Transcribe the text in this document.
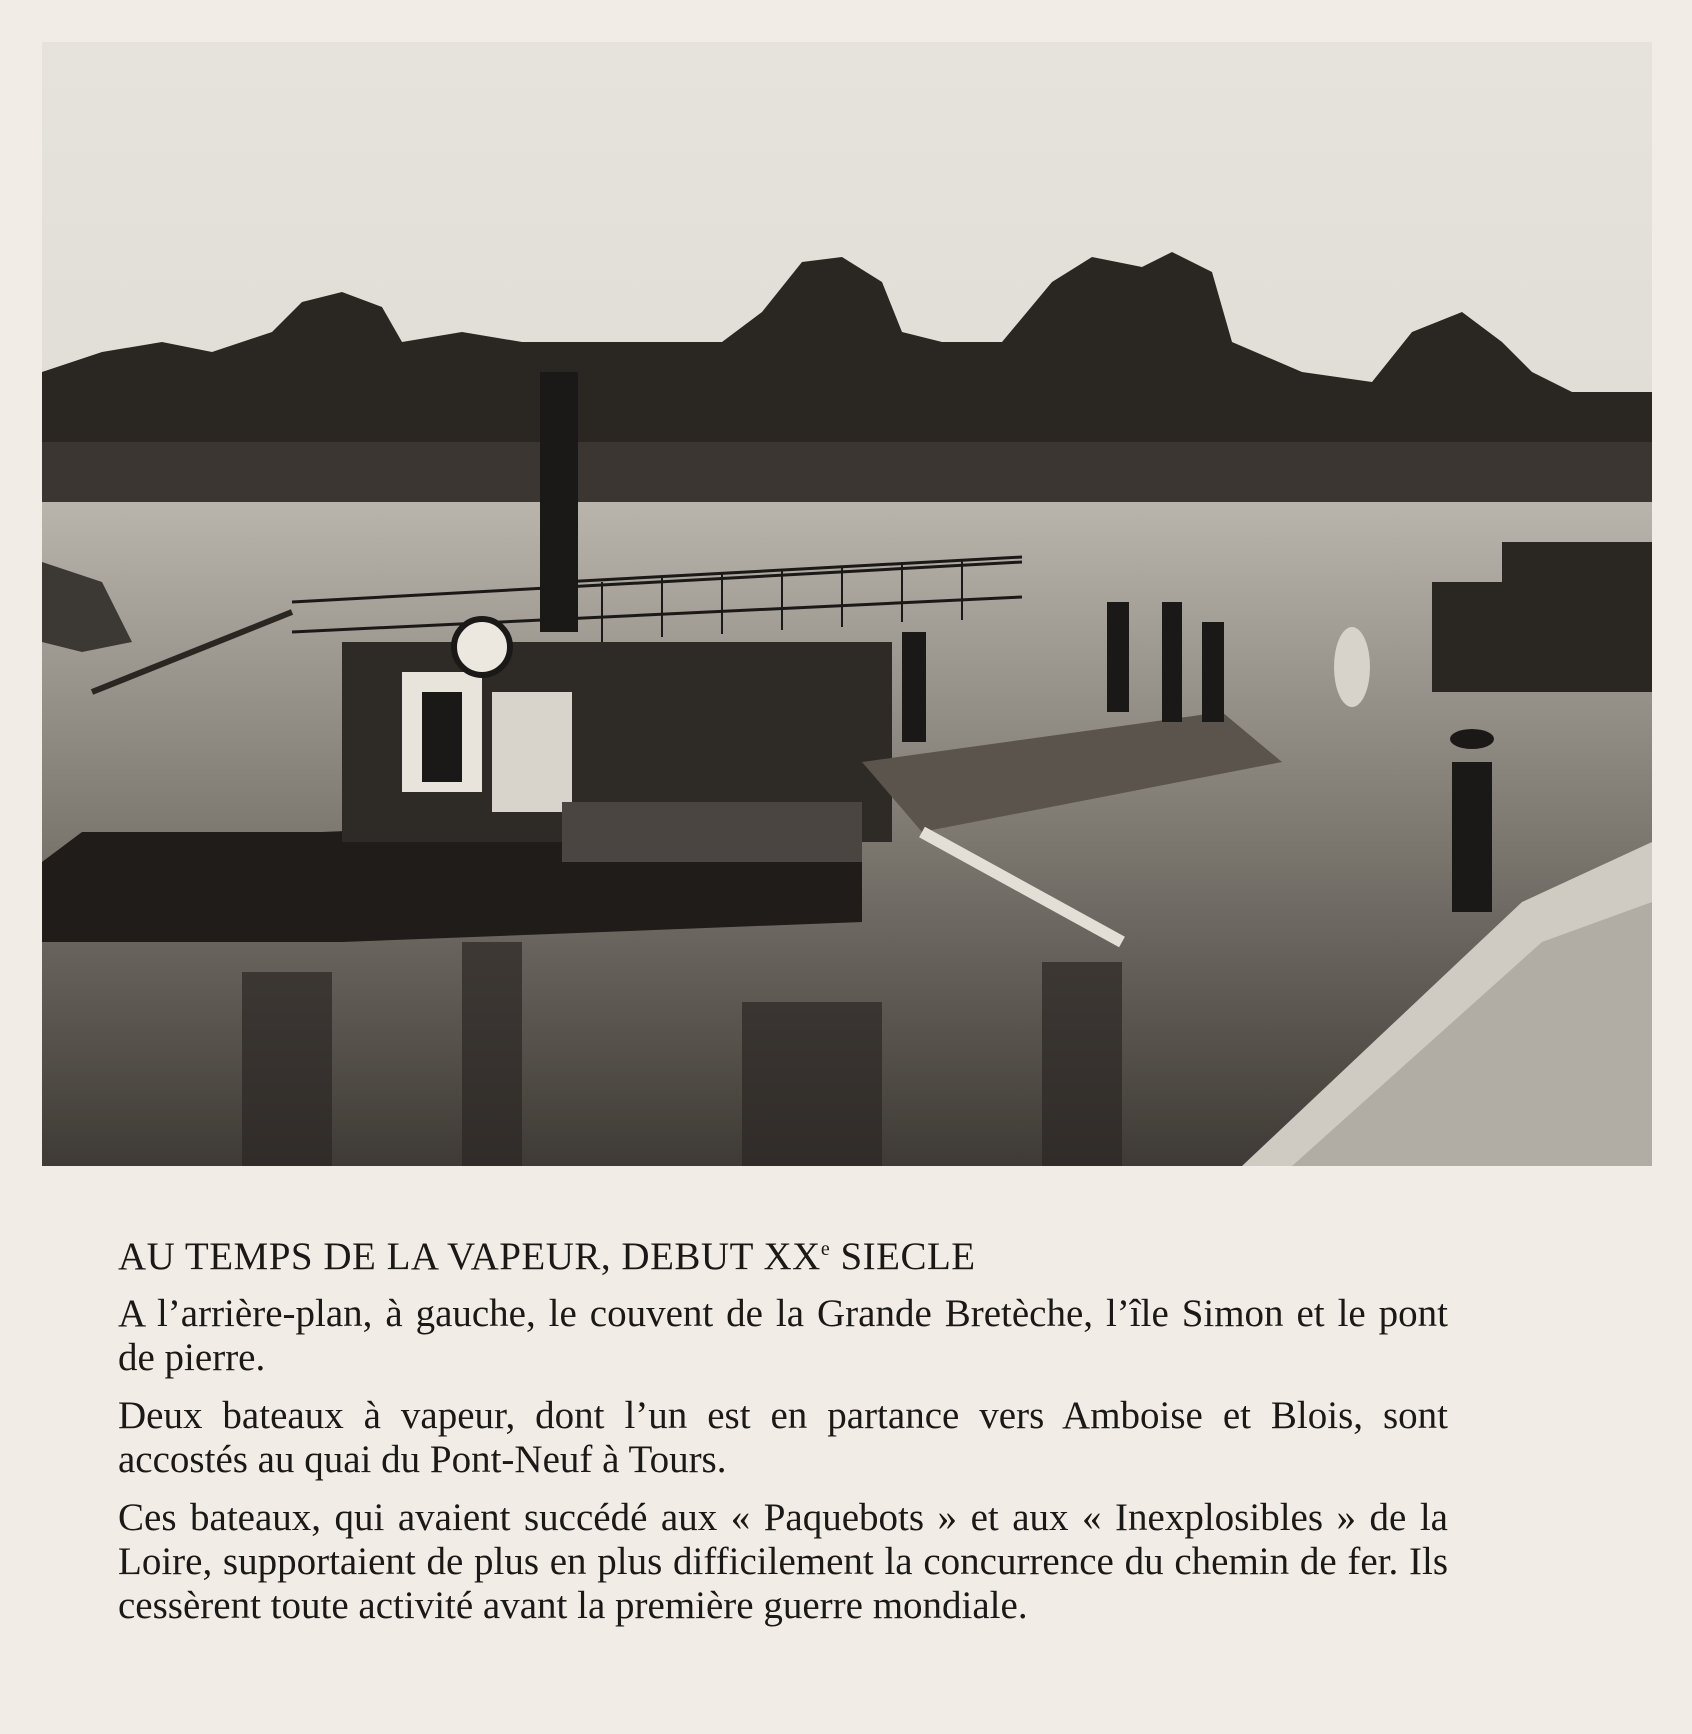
AU TEMPS DE LA VAPEUR, DEBUT XXe SIECLE

A l’arrière-plan, à gauche, le couvent de la Grande Bretèche, l’île Simon et le pont de pierre.

Deux bateaux à vapeur, dont l’un est en partance vers Amboise et Blois, sont accostés au quai du Pont-Neuf à Tours.

Ces bateaux, qui avaient succédé aux « Paquebots » et aux « Inexplosibles » de la Loire, supportaient de plus en plus difficilement la concurrence du chemin de fer. Ils cessèrent toute activité avant la première guerre mondiale.
